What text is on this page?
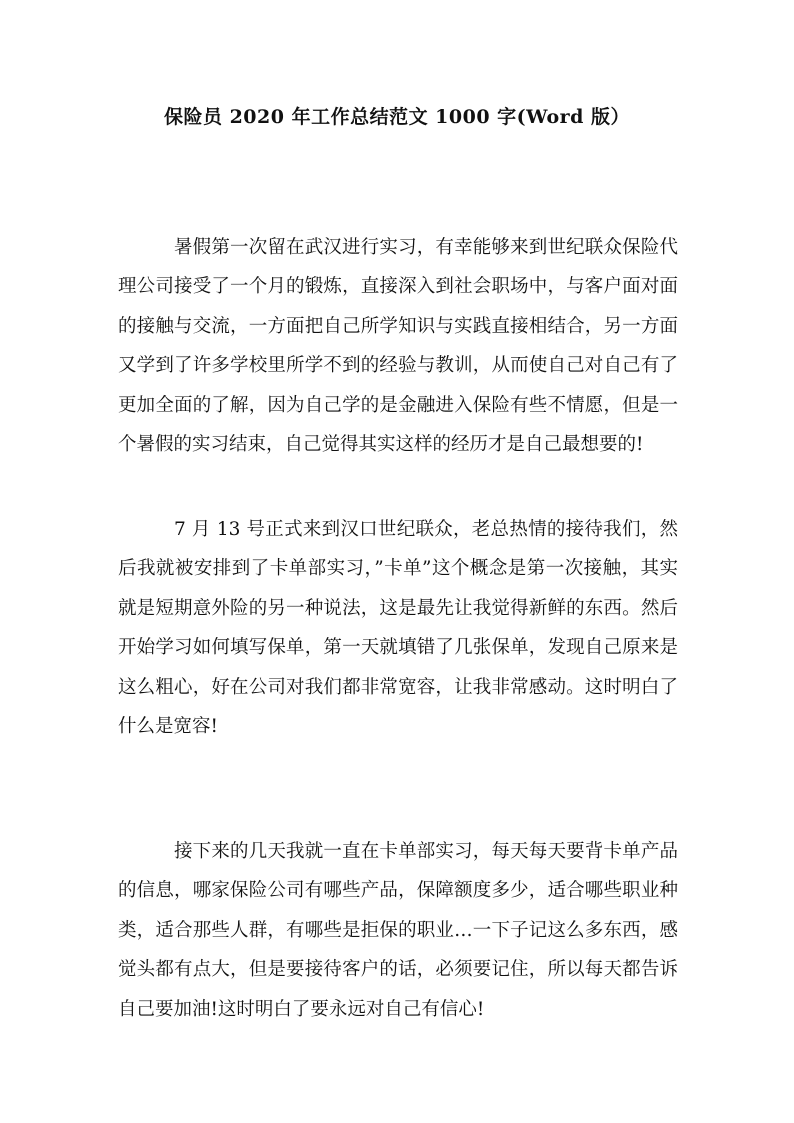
保险员 2020 年工作总结范文 1000 字(Word 版）
暑假第一次留在武汉进行实习，有幸能够来到世纪联众保险代
理公司接受了一个月的锻炼，直接深入到社会职场中，与客户面对面
的接触与交流，一方面把自己所学知识与实践直接相结合，另一方面
又学到了许多学校里所学不到的经验与教训，从而使自己对自己有了
更加全面的了解，因为自己学的是金融进入保险有些不情愿，但是一
个暑假的实习结束，自己觉得其实这样的经历才是自己最想要的!
7 月 13 号正式来到汉口世纪联众，老总热情的接待我们，然
后我就被安排到了卡单部实习，”卡单”这个概念是第一次接触，其实
就是短期意外险的另一种说法，这是最先让我觉得新鲜的东西。然后
开始学习如何填写保单，第一天就填错了几张保单，发现自己原来是
这么粗心，好在公司对我们都非常宽容，让我非常感动。这时明白了
什么是宽容!
接下来的几天我就一直在卡单部实习，每天每天要背卡单产品
的信息，哪家保险公司有哪些产品，保障额度多少，适合哪些职业种
类，适合那些人群，有哪些是拒保的职业…一下子记这么多东西，感
觉头都有点大，但是要接待客户的话，必须要记住，所以每天都告诉
自己要加油!这时明白了要永远对自己有信心!
